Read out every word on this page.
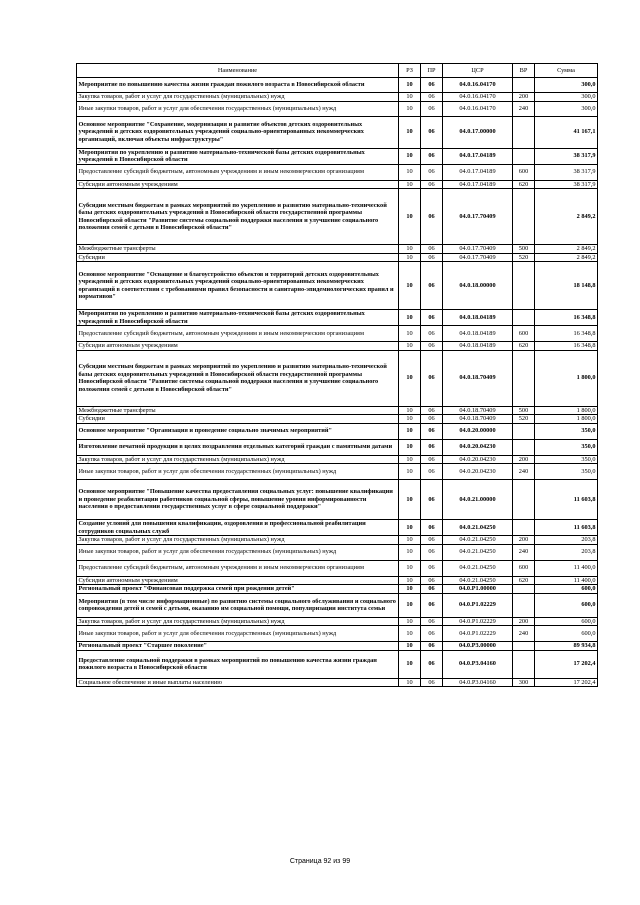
Наименование	РЗ	ПР	ЦСР	ВР	Сумма
Мероприятие по повышению качества жизни граждан пожилого возраста в Новосибирской области	10	06	04.0.16.04170		300,0
Закупка товаров, работ и услуг для государственных (муниципальных) нужд	10	06	04.0.16.04170	200	300,0
Иные закупки товаров, работ и услуг для обеспечения государственных (муниципальных) нужд	10	06	04.0.16.04170	240	300,0
Основное мероприятие "Сохранение, модернизация и развитие объектов детских оздоровительных учреждений и детских оздоровительных учреждений социально-ориентированных некоммерческих организаций, включая объекты инфраструктуры"	10	06	04.0.17.00000		41 167,1
Мероприятия по укреплению и развитию материально-технической базы детских оздоровительных учреждений в Новосибирской области	10	06	04.0.17.04189		38 317,9
Предоставление субсидий бюджетным, автономным учреждениям и иным некоммерческим организациям	10	06	04.0.17.04189	600	38 317,9
Субсидии автономным учреждениям	10	06	04.0.17.04189	620	38 317,9
Субсидии местным бюджетам в рамках мероприятий по укреплению и развитию материально-технической базы детских оздоровительных учреждений в Новосибирской области государственной программы Новосибирской области "Развитие системы социальной поддержки населения и улучшение социального положения семей с детьми в Новосибирской области"	10	06	04.0.17.70409		2 849,2
Межбюджетные трансферты	10	06	04.0.17.70409	500	2 849,2
Субсидии	10	06	04.0.17.70409	520	2 849,2
Основное мероприятие "Оснащение и благоустройство объектов и территорий детских оздоровительных учреждений и детских оздоровительных учреждений социально-ориентированных некоммерческих организаций в соответствии с требованиями правил безопасности и санитарно-эпидемиологических правил и нормативов"	10	06	04.0.18.00000		18 148,8
Мероприятия по укреплению и развитию материально-технической базы детских оздоровительных учреждений в Новосибирской области	10	06	04.0.18.04189		16 348,8
Предоставление субсидий бюджетным, автономным учреждениям и иным некоммерческим организациям	10	06	04.0.18.04189	600	16 348,8
Субсидии автономным учреждениям	10	06	04.0.18.04189	620	16 348,8
Субсидии местным бюджетам в рамках мероприятий по укреплению и развитию материально-технической базы детских оздоровительных учреждений в Новосибирской области государственной программы Новосибирской области "Развитие системы социальной поддержки населения и улучшение социального положения семей с детьми в Новосибирской области"	10	06	04.0.18.70409		1 800,0
Межбюджетные трансферты	10	06	04.0.18.70409	500	1 800,0
Субсидии	10	06	04.0.18.70409	520	1 800,0
Основное мероприятие "Организация и проведение социально значимых мероприятий"	10	06	04.0.20.00000		350,0
Изготовление печатной продукции в целях поздравления отдельных категорий граждан с памятными датами	10	06	04.0.20.04230		350,0
Закупка товаров, работ и услуг для государственных (муниципальных) нужд	10	06	04.0.20.04230	200	350,0
Иные закупки товаров, работ и услуг для обеспечения государственных (муниципальных) нужд	10	06	04.0.20.04230	240	350,0
Основное мероприятие "Повышение качества предоставления социальных услуг: повышение квалификации и проведение реабилитации работников социальной сферы, повышение уровня информированности населения о предоставлении государственных услуг в сфере социальной поддержки"	10	06	04.0.21.00000		11 603,8
Создание условий для повышения квалификации, оздоровления и профессиональной реабилитации сотрудников социальных служб	10	06	04.0.21.04250		11 603,8
Закупка товаров, работ и услуг для государственных (муниципальных) нужд	10	06	04.0.21.04250	200	203,8
Иные закупки товаров, работ и услуг для обеспечения государственных (муниципальных) нужд	10	06	04.0.21.04250	240	203,8
Предоставление субсидий бюджетным, автономным учреждениям и иным некоммерческим организациям	10	06	04.0.21.04250	600	11 400,0
Субсидии автономным учреждениям	10	06	04.0.21.04250	620	11 400,0
Региональный проект "Финансовая поддержка семей при рождении детей"	10	06	04.0.P1.00000		600,0
Мероприятия (в том числе информационные) по развитию системы социального обслуживания и социального сопровождения детей и семей с детьми, оказанию им социальной помощи, популяризации института семьи	10	06	04.0.P1.02229		600,0
Закупка товаров, работ и услуг для государственных (муниципальных) нужд	10	06	04.0.P1.02229	200	600,0
Иные закупки товаров, работ и услуг для обеспечения государственных (муниципальных) нужд	10	06	04.0.P1.02229	240	600,0
Региональный проект "Старшее поколение"	10	06	04.0.P3.00000		89 934,8
Предоставление социальной поддержки в рамках мероприятий по повышению качества жизни граждан пожилого возраста в Новосибирской области	10	06	04.0.P3.04160		17 202,4
Социальное обеспечение и иные выплаты населению	10	06	04.0.P3.04160	300	17 202,4
Страница 92 из 99
